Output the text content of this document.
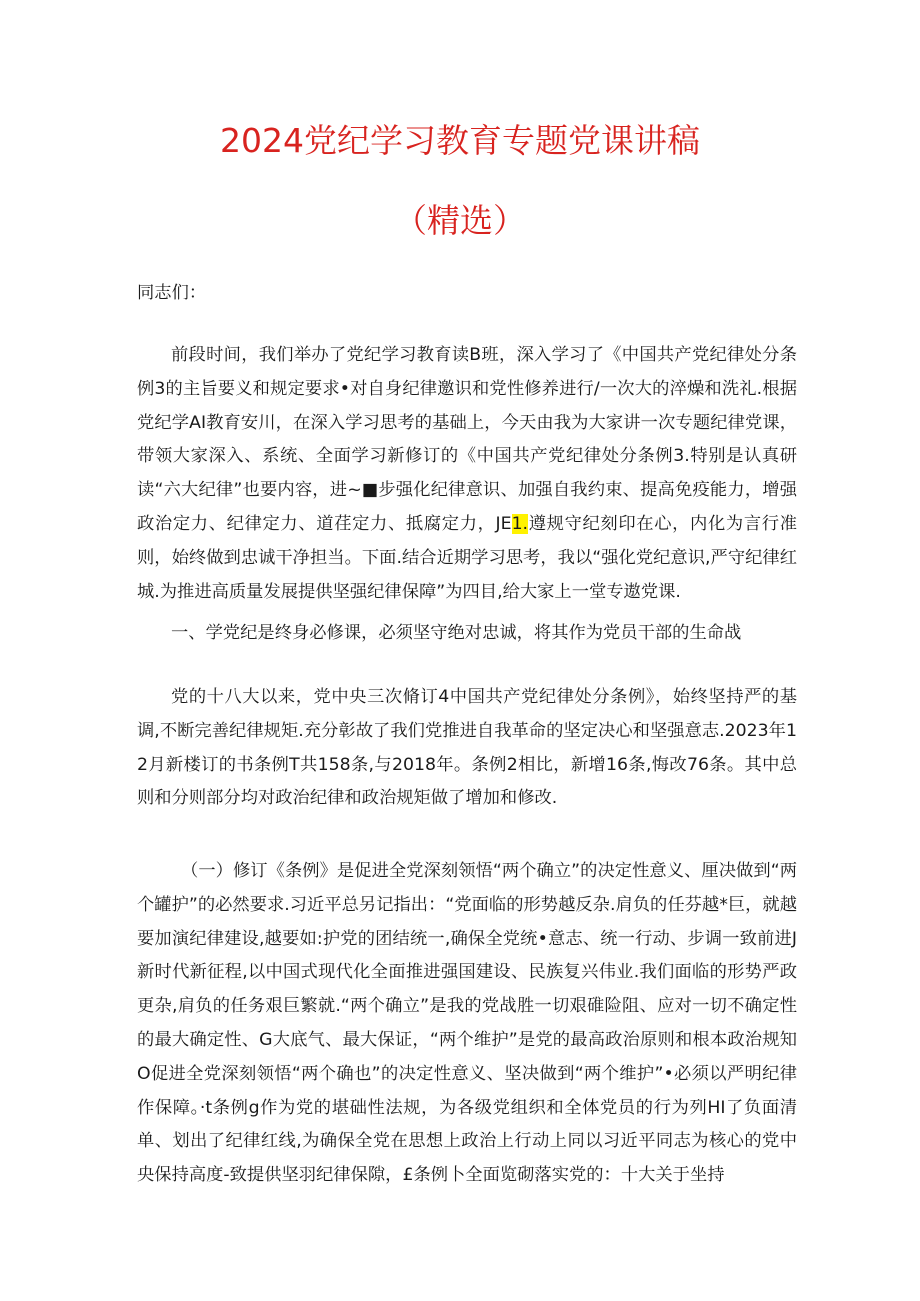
2024党纪学习教育专题党课讲稿
（精选）

同志们：

前段时间，我们举办了党纪学习教育读B班，深入学习了《中国共产党纪律处分条例3的主旨要义和规定要求•对自身纪律邀识和党性修养进行/一次大的淬燥和洗礼.根据党纪学AI教育安川，在深入学习思考的基础上，今天由我为大家讲一次专题纪律党课，带领大家深入、系统、全面学习新修订的《中国共产党纪律处分条例3.特别是认真研读“六大纪律”也要内容，进~■步强化纪律意识、加强自我约束、提高免疫能力，增强政治定力、纪律定力、道荏定力、抵腐定力，JE1.遵规守纪刻印在心，内化为言行准则，始终做到忠诚干净担当。下面.结合近期学习思考，我以“强化党纪意识,严守纪律红城.为推进高质量发展提供坚强纪律保障”为四目,给大家上一堂专遨党课.

一、学党纪是终身必修课，必须坚守绝对忠诚，将其作为党员干部的生命战

党的十八大以来，党中央三次脩订4中国共产党纪律处分条例》，始终坚持严的基调,不断完善纪律规矩.充分彰故了我们党推进自我革命的坚定决心和坚强意志.2023年12月新楼订的书条例T共158条,与2018年。条例2相比，新增16条,悔改76条。其中总则和分则部分均对政治纪律和政治规矩做了增加和修改.

（一）修订《条例》是促进全党深刻领悟“两个确立”的决定性意义、厘决做到“两个罐护”的必然要求.习近平总另记指出：“党面临的形势越反杂.肩负的任芬越*巨，就越要加演纪律建设,越要如:护党的团结统一,确保全党统•意志、统一行动、步调一致前进J新时代新征程,以中国式现代化全面推进强国建设、民族复兴伟业.我们面临的形势严政更杂,肩负的任务艰巨繁就.“两个确立”是我的党战胜一切艰碓险阻、应对一切不确定性的最大确定性、G大底气、最大保证，“两个维护”是党的最高政治原则和根本政治规知O促进全党深刻领悟“两个确也”的决定性意义、坚决做到“两个维护”•必须以严明纪律作保障。·t条例g作为党的堪础性法规，为各级党组织和全体党员的行为列HI了负面清单、划出了纪律红线,为确保全党在思想上政治上行动上同以习近平同志为核心的党中央保持高度-致提供坚羽纪律保隙，£条例卜全面览砌落实党的：十大关于坐持
